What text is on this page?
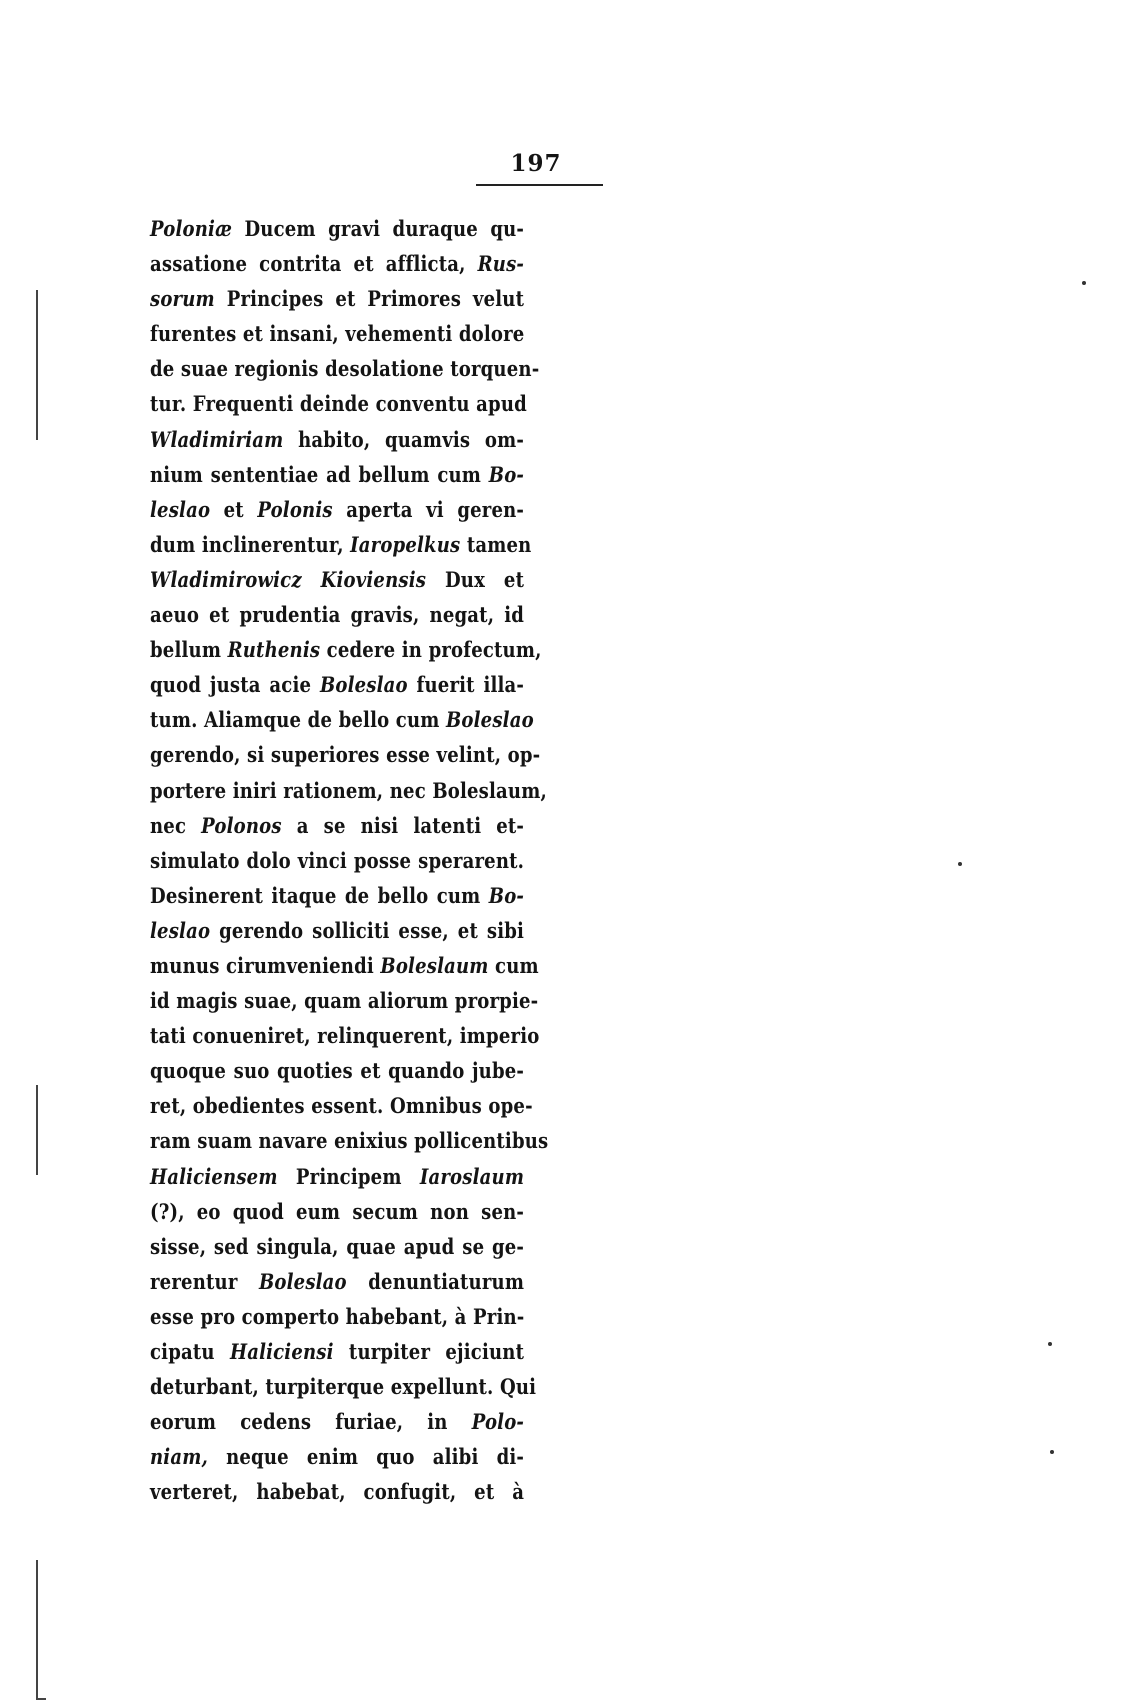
197
Poloniæ Ducem gravi duraque qu-
assatione contrita et afflicta, Rus-
sorum Principes et Primores velut
furentes et insani, vehementi dolore
de suae regionis desolatione torquen-
tur. Frequenti deinde conventu apud
Wladimiriam habito, quamvis om-
nium sententiae ad bellum cum Bo-
leslao et Polonis aperta vi geren-
dum inclinerentur, Iaropelkus tamen
Wladimirowicz Kioviensis Dux et
aeuo et prudentia gravis, negat, id
bellum Ruthenis cedere in profectum,
quod justa acie Boleslao fuerit illa-
tum. Aliamque de bello cum Boleslao
gerendo, si superiores esse velint, op-
portere iniri rationem, nec Boleslaum,
nec Polonos a se nisi latenti et-
simulato dolo vinci posse sperarent.
Desinerent itaque de bello cum Bo-
leslao gerendo solliciti esse, et sibi
munus cirumveniendi Boleslaum cum
id magis suae, quam aliorum prorpie-
tati conueniret, relinquerent, imperio
quoque suo quoties et quando jube-
ret, obedientes essent. Omnibus ope-
ram suam navare enixius pollicentibus
Haliciensem Principem Iaroslaum
(?), eo quod eum secum non sen-
sisse, sed singula, quae apud se ge-
rerentur Boleslao denuntiaturum
esse pro comperto habebant, à Prin-
cipatu Haliciensi turpiter ejiciunt
deturbant, turpiterque expellunt. Qui
eorum cedens furiae, in Polo-
niam, neque enim quo alibi di-
verteret, habebat, confugit, et à
